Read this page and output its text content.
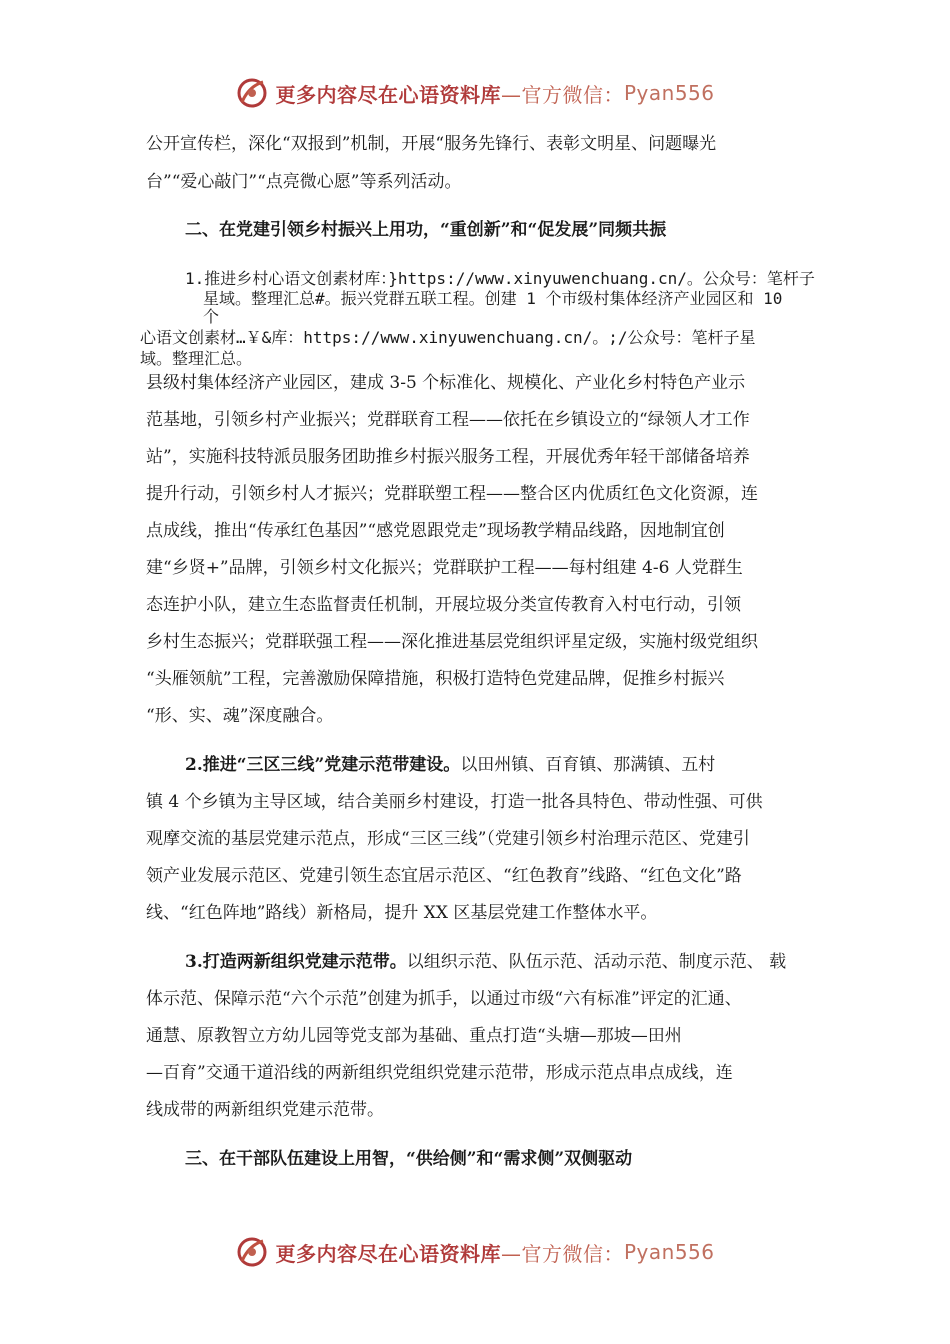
更多内容尽在心语资料库 —官方微信： Pyan556
公开宣传栏，深化“双报到”机制，开展“服务先锋行、表彰文明星、问题曝光
台”“爱心敲门”“点亮微心愿”等系列活动。
二、在党建引领乡村振兴上用功，“重创新”和“促发展”同频共振
1.推进乡村心语文创素材库：}https://www.xinyuwenchuang.cn/。公众号：笔杆子
星域。整理汇总#。振兴党群五联工程。创建 1 个市级村集体经济产业园区和 10
个
心语文创素材…￥&库：https://www.xinyuwenchuang.cn/。;/公众号：笔杆子星
域。整理汇总。
县级村集体经济产业园区，建成 3-5 个标准化、规模化、产业化乡村特色产业示
范基地，引领乡村产业振兴；党群联育工程——依托在乡镇设立的“绿领人才工作
站”，实施科技特派员服务团助推乡村振兴服务工程，开展优秀年轻干部储备培养
提升行动，引领乡村人才振兴；党群联塑工程——整合区内优质红色文化资源，连
点成线，推出“传承红色基因”“感党恩跟党走”现场教学精品线路，因地制宜创
建“乡贤+”品牌，引领乡村文化振兴；党群联护工程——每村组建 4-6 人党群生
态连护小队，建立生态监督责任机制，开展垃圾分类宣传教育入村屯行动，引领
乡村生态振兴；党群联强工程——深化推进基层党组织评星定级，实施村级党组织
“头雁领航”工程，完善激励保障措施，积极打造特色党建品牌，促推乡村振兴
“形、实、魂”深度融合。
2.推进“三区三线”党建示范带建设。以田州镇、百育镇、那满镇、五村
镇 4 个乡镇为主导区域，结合美丽乡村建设，打造一批各具特色、带动性强、可供
观摩交流的基层党建示范点，形成“三区三线”（党建引领乡村治理示范区、党建引
领产业发展示范区、党建引领生态宜居示范区、“红色教育”线路、“红色文化”路
线、“红色阵地”路线）新格局，提升 XX 区基层党建工作整体水平。
3.打造两新组织党建示范带。以组织示范、队伍示范、活动示范、制度示范、 载
体示范、保障示范“六个示范”创建为抓手，以通过市级“六有标准”评定的汇通、
通慧、原教智立方幼儿园等党支部为基础、重点打造“头塘—那坡—田州
—百育”交通干道沿线的两新组织党组织党建示范带，形成示范点串点成线，连
线成带的两新组织党建示范带。
三、在干部队伍建设上用智，“供给侧”和“需求侧”双侧驱动
更多内容尽在心语资料库 —官方微信： Pyan556
